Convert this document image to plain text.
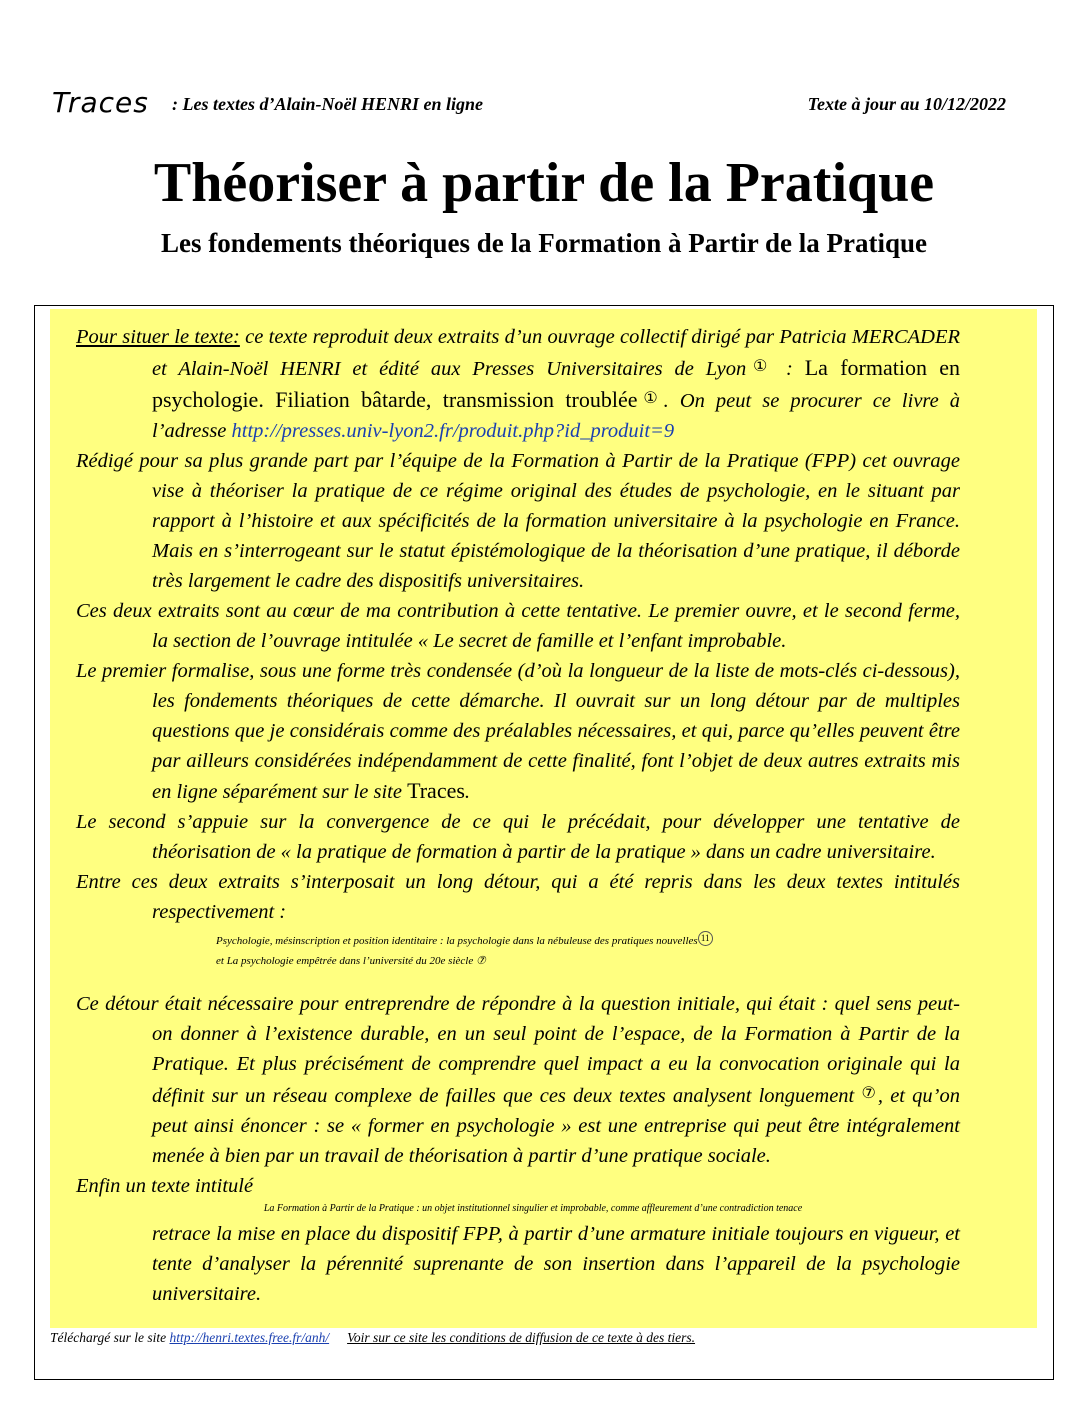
Traces : Les textes d’Alain-Noël HENRI en ligne	Texte à jour au 10/12/2022
Théoriser à partir de la Pratique
Les fondements théoriques de la Formation à Partir de la Pratique

Pour situer le texte: ce texte reproduit deux extraits d’un ouvrage collectif dirigé par Patricia MERCADER et Alain-Noël HENRI et édité aux Presses Universitaires de Lyon① : La formation en psychologie. Filiation bâtarde, transmission troublée①. On peut se procurer ce livre à l’adresse http://presses.univ-lyon2.fr/produit.php?id_produit=9

Rédigé pour sa plus grande part par l’équipe de la Formation à Partir de la Pratique (FPP) cet ouvrage vise à théoriser la pratique de ce régime original des études de psychologie, en le situant par rapport à l’histoire et aux spécificités de la formation universitaire à la psychologie en France. Mais en s’interrogeant sur le statut épistémologique de la théorisation d’une pratique, il déborde très largement le cadre des dispositifs universitaires.

Ces deux extraits sont au cœur de ma contribution à cette tentative. Le premier ouvre, et le second ferme, la section de l’ouvrage intitulée « Le secret de famille et l’enfant improbable.

Le premier formalise, sous une forme très condensée (d’où la longueur de la liste de mots-clés ci-dessous), les fondements théoriques de cette démarche. Il ouvrait sur un long détour par de multiples questions que je considérais comme des préalables nécessaires, et qui, parce qu’elles peuvent être par ailleurs considérées indépendamment de cette finalité, font l’objet de deux autres extraits mis en ligne séparément sur le site Traces.

Le second s’appuie sur la convergence de ce qui le précédait, pour développer une tentative de théorisation de « la pratique de formation à partir de la pratique » dans un cadre universitaire.

Entre ces deux extraits s’interposait un long détour, qui a été repris dans les deux textes intitulés respectivement :

Psychologie, mésinscription et position identitaire : la psychologie dans la nébuleuse des pratiques nouvelles 11
et La psychologie empêtrée dans l’université du 20e siècle ⑦

Ce détour était nécessaire pour entreprendre de répondre à la question initiale, qui était : quel sens peut-on donner à l’existence durable, en un seul point de l’espace, de la Formation à Partir de la Pratique. Et plus précisément de comprendre quel impact a eu la convocation originale qui la définit sur un réseau complexe de failles que ces deux textes analysent longuement ⑦, et qu’on peut ainsi énoncer : se « former en psychologie » est une entreprise qui peut être intégralement menée à bien par un travail de théorisation à partir d’une pratique sociale.

Enfin un texte intitulé

La Formation à Partir de la Pratique : un objet institutionnel singulier et improbable, comme affleurement d’une contradiction tenace

retrace la mise en place du dispositif FPP, à partir d’une armature initiale toujours en vigueur, et tente d’analyser la pérennité suprenante de son insertion dans l’appareil de la psychologie universitaire.

Téléchargé sur le site http://henri.textes.free.fr/anh/ Voir sur ce site les conditions de diffusion de ce texte à des tiers.
